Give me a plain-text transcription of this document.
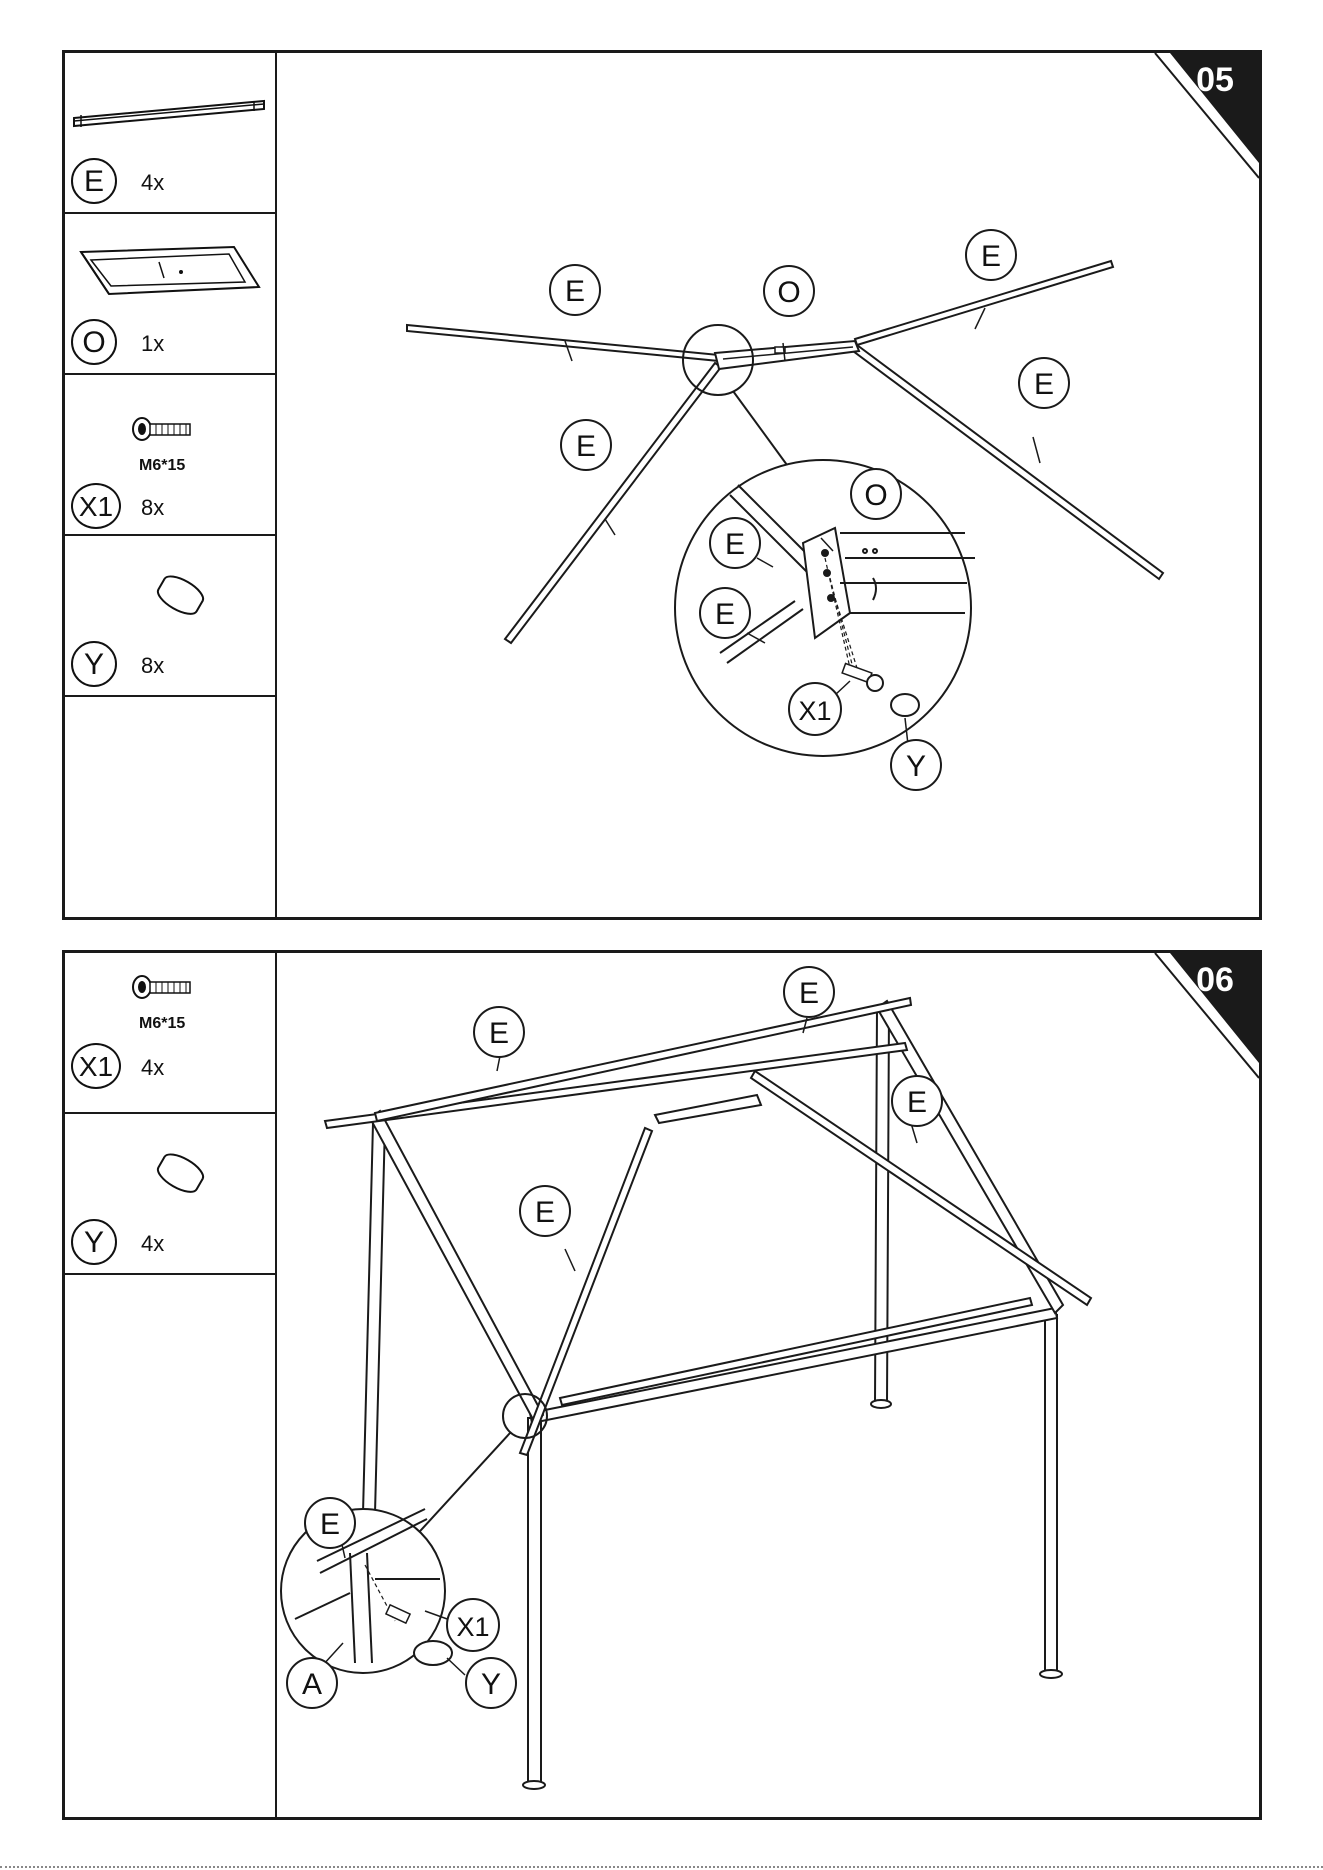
E	4x
O	1x
M6*15
X1	8x
Y	8x
05
E	O
E
E
E
O
E
E
X1
Y
M6*15
X1	4x
Y	4x
06
E
E
E
E
E
X1
Y
A
